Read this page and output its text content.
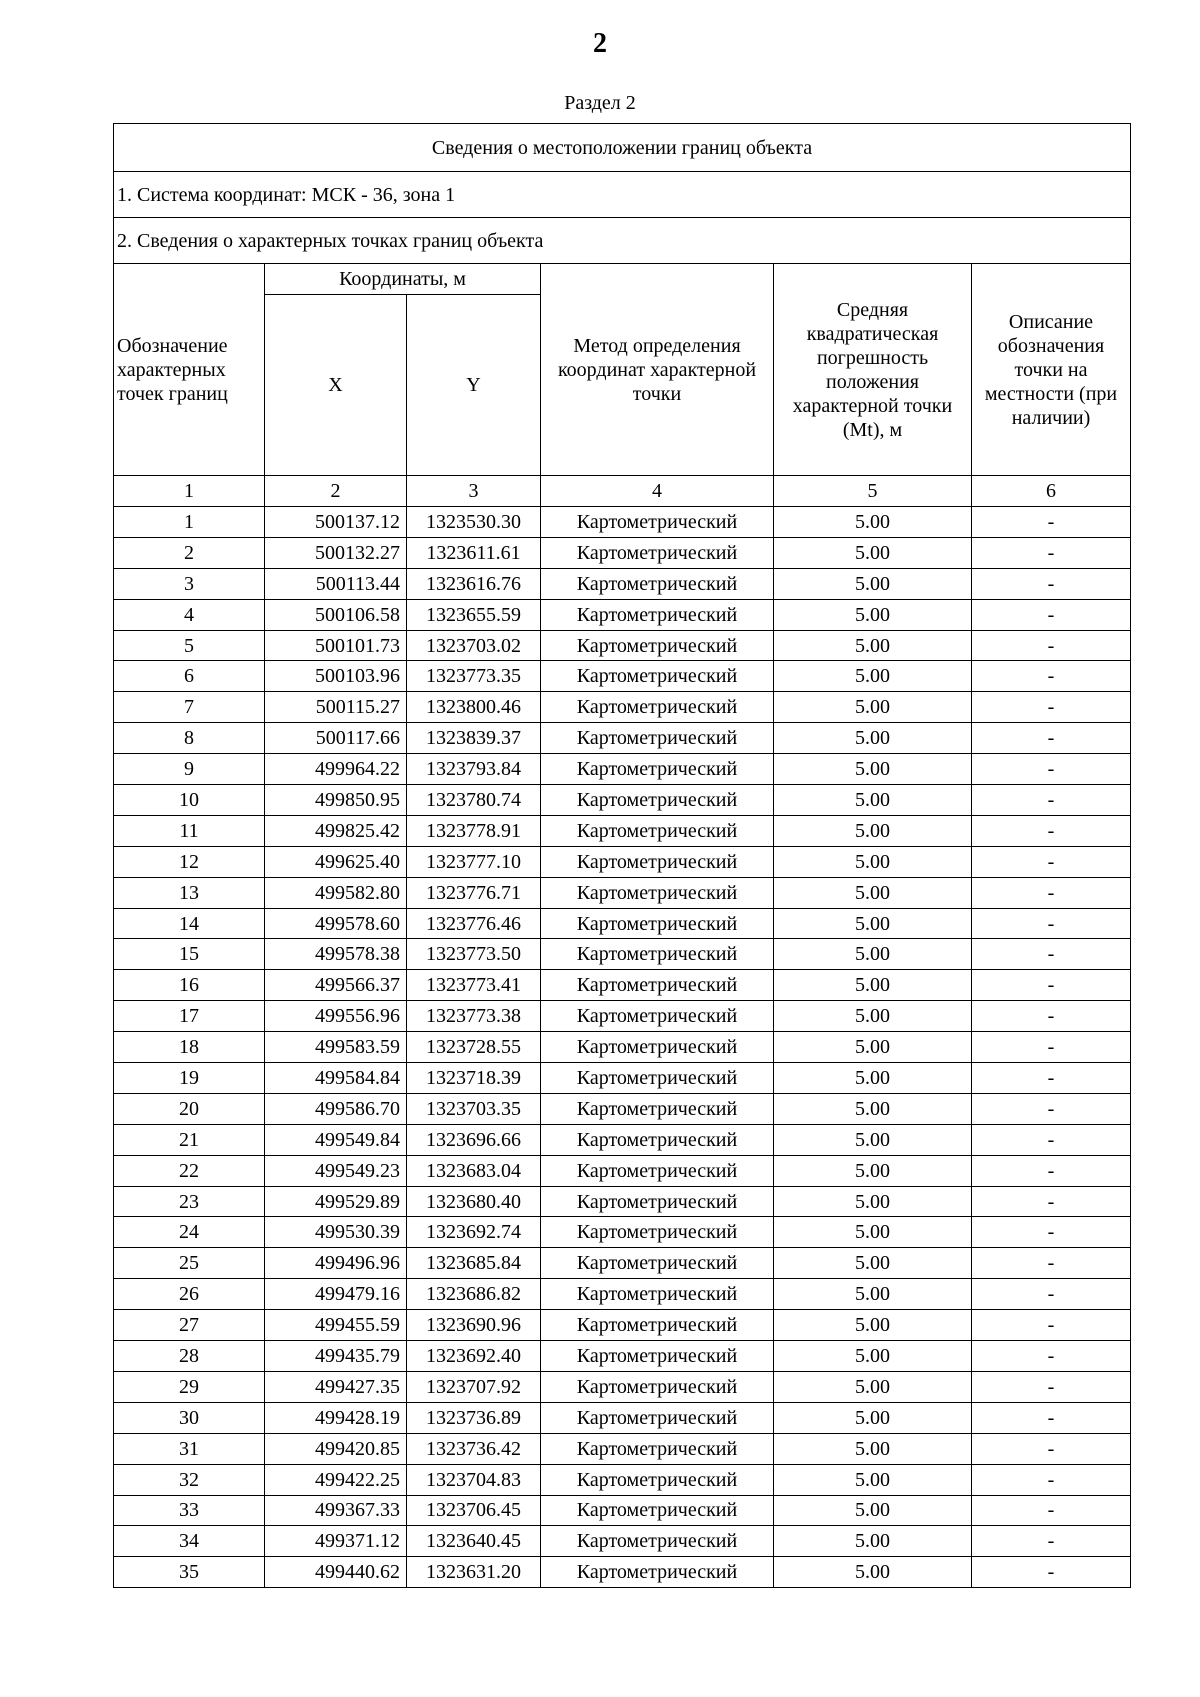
2
Раздел 2
Сведения о местоположении границ объекта					
1. Система координат: МСК - 36, зона 1					
2. Сведения о характерных точках границ объекта					
Обозначение характерных точек границ	Координаты, м		Метод определения координат характерной точки	Средняя квадратическая погрешность положения характерной точки (Mt), м	Описание обозначения точки на местности (при наличии)
	X	Y			
1	2	3	4	5	6
1	500137.12	1323530.30	Картометрический	5.00	-
2	500132.27	1323611.61	Картометрический	5.00	-
3	500113.44	1323616.76	Картометрический	5.00	-
4	500106.58	1323655.59	Картометрический	5.00	-
5	500101.73	1323703.02	Картометрический	5.00	-
6	500103.96	1323773.35	Картометрический	5.00	-
7	500115.27	1323800.46	Картометрический	5.00	-
8	500117.66	1323839.37	Картометрический	5.00	-
9	499964.22	1323793.84	Картометрический	5.00	-
10	499850.95	1323780.74	Картометрический	5.00	-
11	499825.42	1323778.91	Картометрический	5.00	-
12	499625.40	1323777.10	Картометрический	5.00	-
13	499582.80	1323776.71	Картометрический	5.00	-
14	499578.60	1323776.46	Картометрический	5.00	-
15	499578.38	1323773.50	Картометрический	5.00	-
16	499566.37	1323773.41	Картометрический	5.00	-
17	499556.96	1323773.38	Картометрический	5.00	-
18	499583.59	1323728.55	Картометрический	5.00	-
19	499584.84	1323718.39	Картометрический	5.00	-
20	499586.70	1323703.35	Картометрический	5.00	-
21	499549.84	1323696.66	Картометрический	5.00	-
22	499549.23	1323683.04	Картометрический	5.00	-
23	499529.89	1323680.40	Картометрический	5.00	-
24	499530.39	1323692.74	Картометрический	5.00	-
25	499496.96	1323685.84	Картометрический	5.00	-
26	499479.16	1323686.82	Картометрический	5.00	-
27	499455.59	1323690.96	Картометрический	5.00	-
28	499435.79	1323692.40	Картометрический	5.00	-
29	499427.35	1323707.92	Картометрический	5.00	-
30	499428.19	1323736.89	Картометрический	5.00	-
31	499420.85	1323736.42	Картометрический	5.00	-
32	499422.25	1323704.83	Картометрический	5.00	-
33	499367.33	1323706.45	Картометрический	5.00	-
34	499371.12	1323640.45	Картометрический	5.00	-
35	499440.62	1323631.20	Картометрический	5.00	-
